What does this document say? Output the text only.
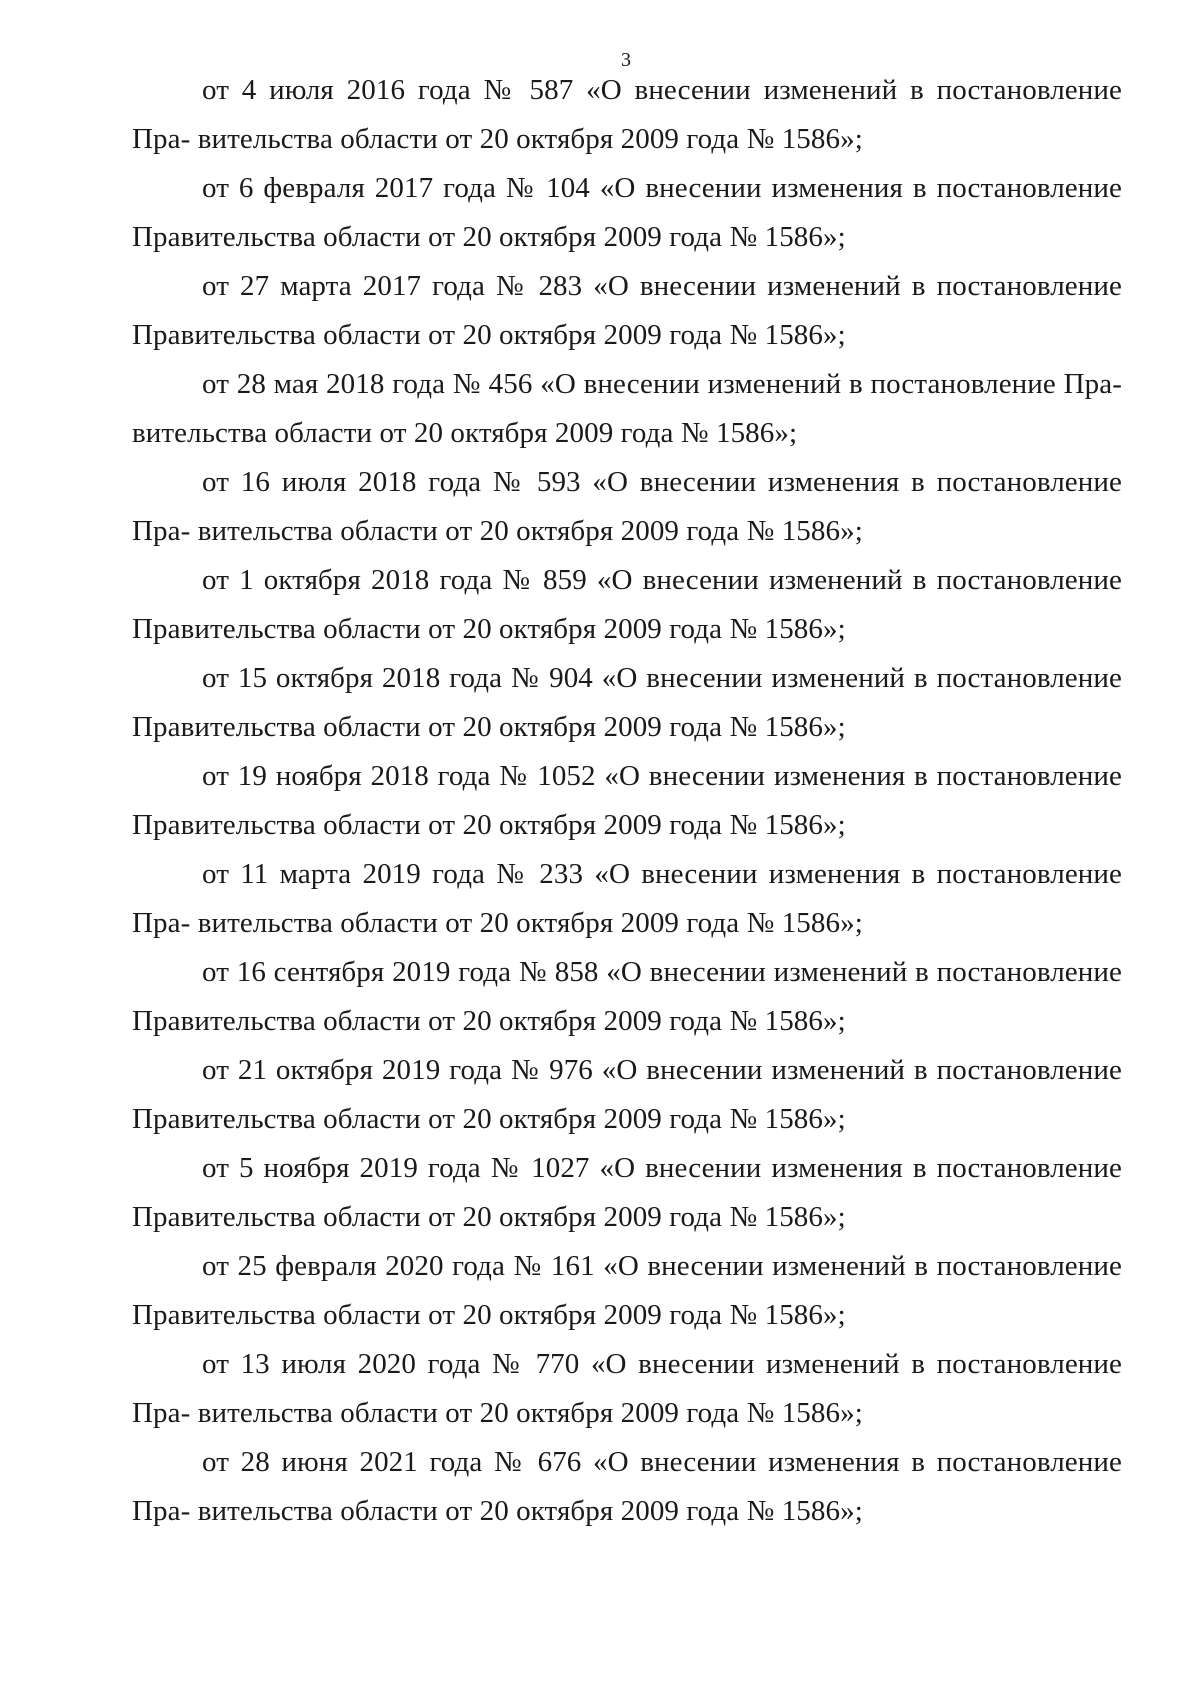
3

от 4 июля 2016 года № 587 «О внесении изменений в постановление Пра- вительства области от 20 октября 2009 года № 1586»;

от 6 февраля 2017 года № 104 «О внесении изменения в постановление Правительства области от 20 октября 2009 года № 1586»;

от 27 марта 2017 года № 283 «О внесении изменений в постановление Правительства области от 20 октября 2009 года № 1586»;

от 28 мая 2018 года № 456 «О внесении изменений в постановление Пра- вительства области от 20 октября 2009 года № 1586»;

от 16 июля 2018 года № 593 «О внесении изменения в постановление Пра- вительства области от 20 октября 2009 года № 1586»;

от 1 октября 2018 года № 859 «О внесении изменений в постановление Правительства области от 20 октября 2009 года № 1586»;

от 15 октября 2018 года № 904 «О внесении изменений в постановление Правительства области от 20 октября 2009 года № 1586»;

от 19 ноября 2018 года № 1052 «О внесении изменения в постановление Правительства области от 20 октября 2009 года № 1586»;

от 11 марта 2019 года № 233 «О внесении изменения в постановление Пра- вительства области от 20 октября 2009 года № 1586»;

от 16 сентября 2019 года № 858 «О внесении изменений в постановление Правительства области от 20 октября 2009 года № 1586»;

от 21 октября 2019 года № 976 «О внесении изменений в постановление Правительства области от 20 октября 2009 года № 1586»;

от 5 ноября 2019 года № 1027 «О внесении изменения в постановление Правительства области от 20 октября 2009 года № 1586»;

от 25 февраля 2020 года № 161 «О внесении изменений в постановление Правительства области от 20 октября 2009 года № 1586»;

от 13 июля 2020 года № 770 «О внесении изменений в постановление Пра- вительства области от 20 октября 2009 года № 1586»;

от 28 июня 2021 года № 676 «О внесении изменения в постановление Пра- вительства области от 20 октября 2009 года № 1586»;
